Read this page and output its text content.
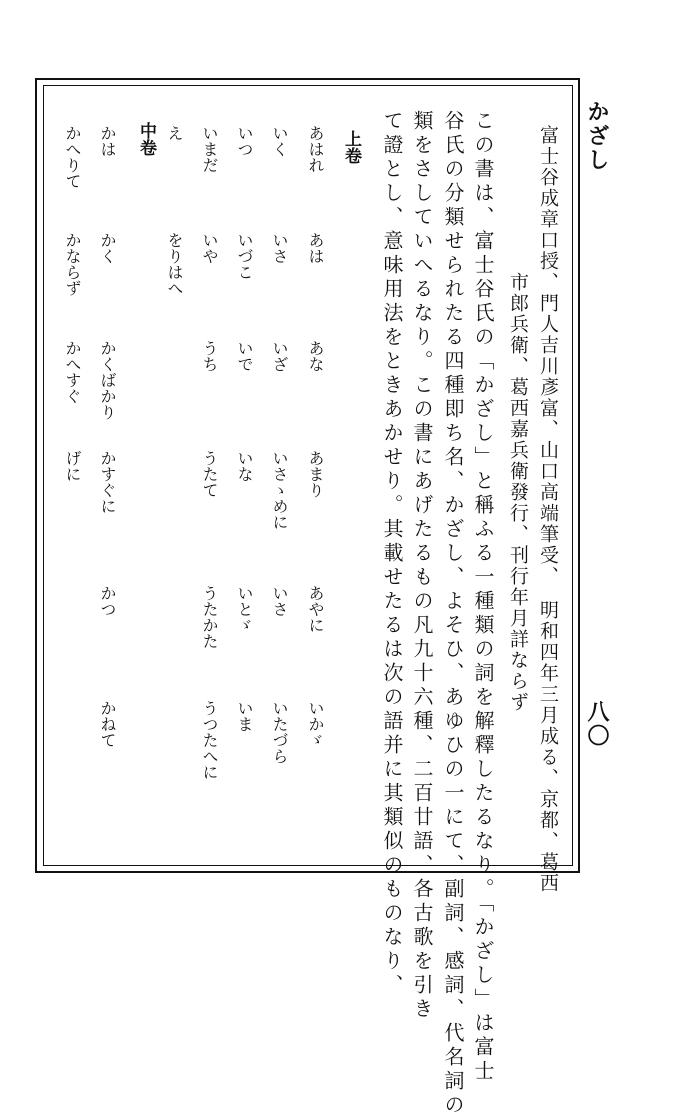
かざし
八〇
富士谷成章口授、門人吉川彥富、山口高端筆受、
明和四年三月成る、京都、葛西
市郎兵衛、葛西嘉兵衛發行、刊行年月詳ならず
この書は、富士谷氏の「かざし」と稱ふる一種類の詞を解釋したるなり。「かざし」は富士
谷氏の分類せられたる四種即ち名、かざし、よそひ、あゆひの一にて、副詞、感詞、代名詞の
類をさしていへるなり。この書にあげたるもの凡九十六種、二百廿語、各古歌を引き
て證とし、意味用法をときあかせり。其載せたるは次の語并に其類似のものなり、
上卷
中卷	あはれ
あは
あな
あまり
あやに
いかゞ
いく
いさ
いざ
いさゝめに
いさ
いたづら
いつ
いづこ
いで
いな
いとゞ
いま
いまだ
いや
うち
うたて
うたかた
うつたへに
え
をりはへ
かは
かく
かくばかり
かすぐに
かつ
かねて
かへりて
かならず
かへすぐ
げに
